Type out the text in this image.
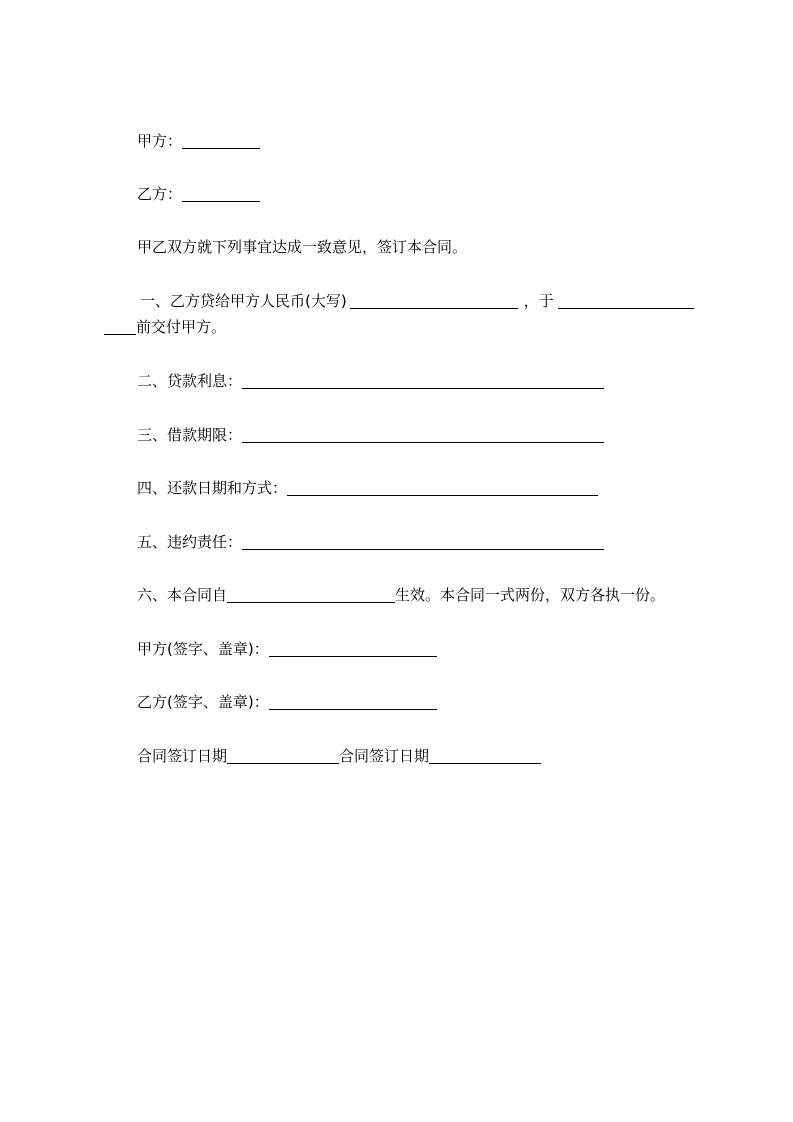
甲方：
乙方：
甲乙双方就下列事宜达成一致意见，签订本合同。
一、乙方贷给甲方人民币(大写)	，于
前交付甲方。
二、贷款利息：
三、借款期限：
四、还款日期和方式：
五、违约责任：
六、本合同自	生效。本合同一式两份，双方各执一份。
甲方(签字、盖章)：
乙方(签字、盖章)：
合同签订日期	合同签订日期
